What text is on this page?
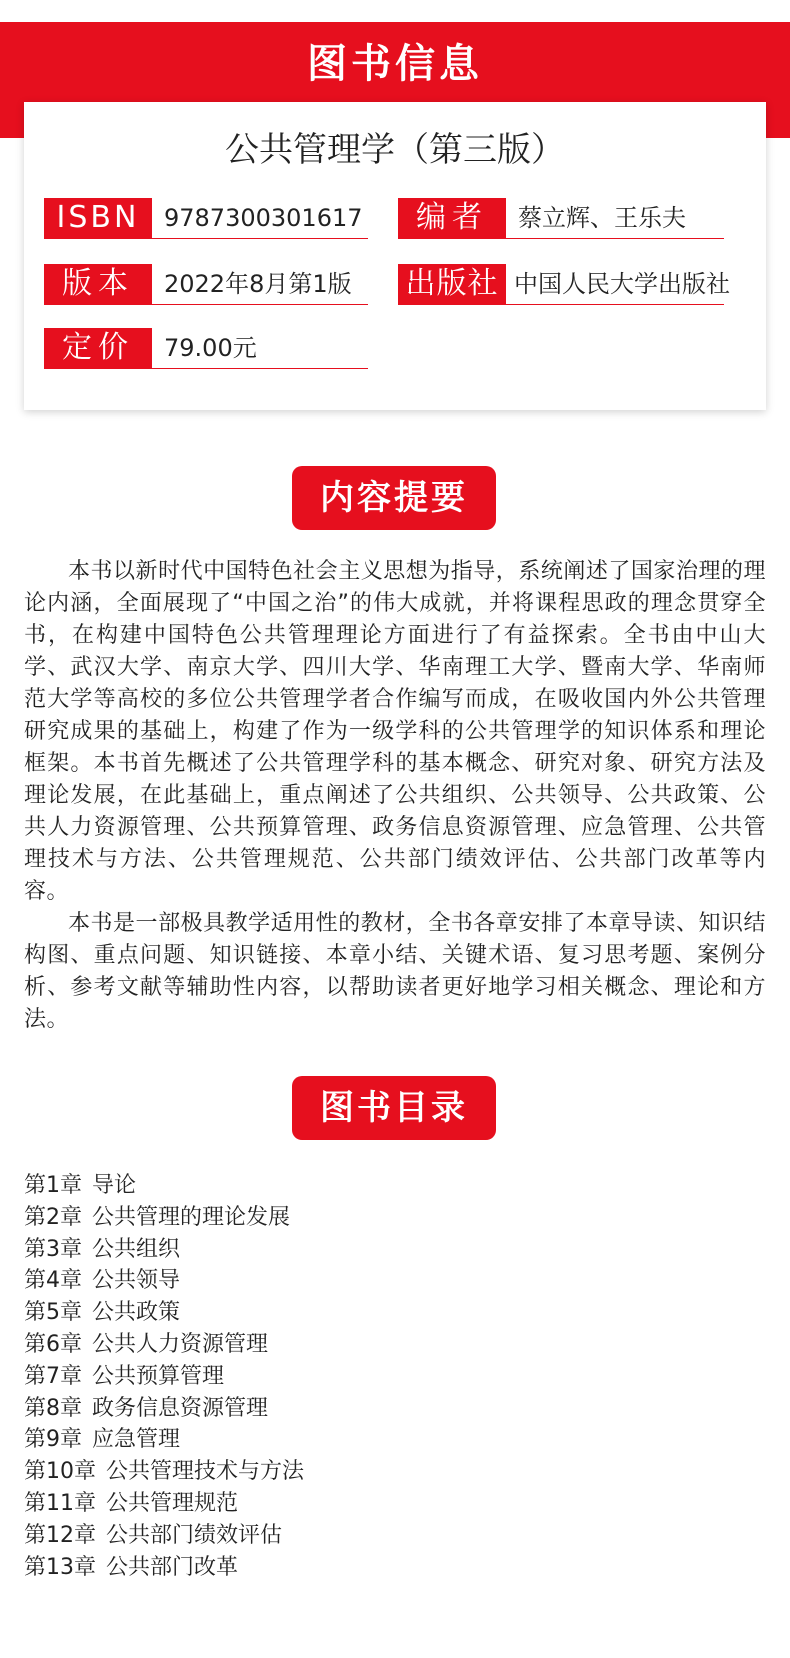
图书信息
公共管理学（第三版）
ISBN	9787300301617	编者	蔡立辉、王乐夫
版本	2022年8月第1版 出版社 中国人民大学出版社
定价	79.00元
内容提要

本书以新时代中国特色社会主义思想为指导，系统阐述了国家治理的理论内涵，全面展现了“中国之治”的伟大成就，并将课程思政的理念贯穿全书，在构建中国特色公共管理理论方面进行了有益探索。全书由中山大学、武汉大学、南京大学、四川大学、华南理工大学、暨南大学、华南师范大学等高校的多位公共管理学者合作编写而成，在吸收国内外公共管理研究成果的基础上，构建了作为一级学科的公共管理学的知识体系和理论框架。本书首先概述了公共管理学科的基本概念、研究对象、研究方法及理论发展，在此基础上，重点阐述了公共组织、公共领导、公共政策、公共人力资源管理、公共预算管理、政务信息资源管理、应急管理、公共管理技术与方法、公共管理规范、公共部门绩效评估、公共部门改革等内容。

本书是一部极具教学适用性的教材，全书各章安排了本章导读、知识结构图、重点问题、知识链接、本章小结、关键术语、复习思考题、案例分析、参考文献等辅助性内容，以帮助读者更好地学习相关概念、理论和方法。

图书目录
第1章 导论
第2章 公共管理的理论发展
第3章 公共组织
第4章 公共领导
第5章 公共政策
第6章 公共人力资源管理
第7章 公共预算管理
第8章 政务信息资源管理
第9章 应急管理
第10章 公共管理技术与方法
第11章 公共管理规范
第12章 公共部门绩效评估
第13章 公共部门改革
